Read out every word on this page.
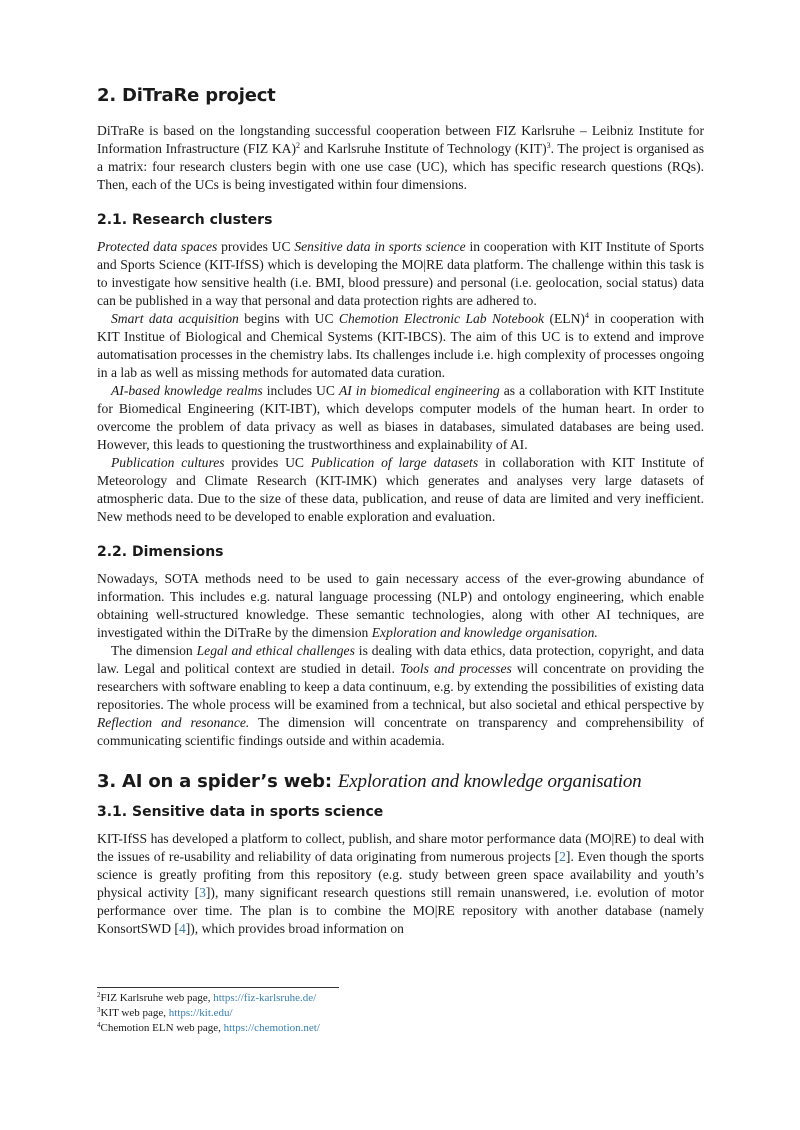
2. DiTraRe project

DiTraRe is based on the longstanding successful cooperation between FIZ Karlsruhe – Leibniz Institute for Information Infrastructure (FIZ KA)$^2$ and Karlsruhe Institute of Technology (KIT)$^3$. The project is organised as a matrix: four research clusters begin with one use case (UC), which has specific research questions (RQs). Then, each of the UCs is being investigated within four dimensions.

2.1. Research clusters

Protected data spaces provides UC Sensitive data in sports science in cooperation with KIT Institute of Sports and Sports Science (KIT-IfSS) which is developing the MO|RE data platform. The challenge within this task is to investigate how sensitive health (i.e. BMI, blood pressure) and personal (i.e. geolocation, social status) data can be published in a way that personal and data protection rights are adhered to.

Smart data acquisition begins with UC Chemotion Electronic Lab Notebook (ELN)$^4$ in cooperation with KIT Institue of Biological and Chemical Systems (KIT-IBCS). The aim of this UC is to extend and improve automatisation processes in the chemistry labs. Its challenges include i.e. high complexity of processes ongoing in a lab as well as missing methods for automated data curation.

AI-based knowledge realms includes UC AI in biomedical engineering as a collaboration with KIT Institute for Biomedical Engineering (KIT-IBT), which develops computer models of the human heart. In order to overcome the problem of data privacy as well as biases in databases, simulated databases are being used. However, this leads to questioning the trustworthiness and explainability of AI.

Publication cultures provides UC Publication of large datasets in collaboration with KIT Institute of Meteorology and Climate Research (KIT-IMK) which generates and analyses very large datasets of atmospheric data. Due to the size of these data, publication, and reuse of data are limited and very inefficient. New methods need to be developed to enable exploration and evaluation.

2.2. Dimensions

Nowadays, SOTA methods need to be used to gain necessary access of the ever-growing abundance of information. This includes e.g. natural language processing (NLP) and ontology engineering, which enable obtaining well-structured knowledge. These semantic technologies, along with other AI techniques, are investigated within the DiTraRe by the dimension Exploration and knowledge organisation.

The dimension Legal and ethical challenges is dealing with data ethics, data protection, copyright, and data law. Legal and political context are studied in detail. Tools and processes will concentrate on providing the researchers with software enabling to keep a data continuum, e.g. by extending the possibilities of existing data repositories. The whole process will be examined from a technical, but also societal and ethical perspective by Reflection and resonance. The dimension will concentrate on transparency and comprehensibility of communicating scientific findings outside and within academia.

3. AI on a spider’s web: Exploration and knowledge organisation
3.1. Sensitive data in sports science

KIT-IfSS has developed a platform to collect, publish, and share motor performance data (MO|RE) to deal with the issues of re-usability and reliability of data originating from numerous projects [2]. Even though the sports science is greatly profiting from this repository (e.g. study between green space availability and youth’s physical activity [3]), many significant research questions still remain unanswered, i.e. evolution of motor performance over time. The plan is to combine the MO|RE repository with another database (namely KonsortSWD [4]), which provides broad information on

$^2$FIZ Karlsruhe web page, https://fiz-karlsruhe.de/
$^3$KIT web page, https://kit.edu/
$^4$Chemotion ELN web page, https://chemotion.net/
